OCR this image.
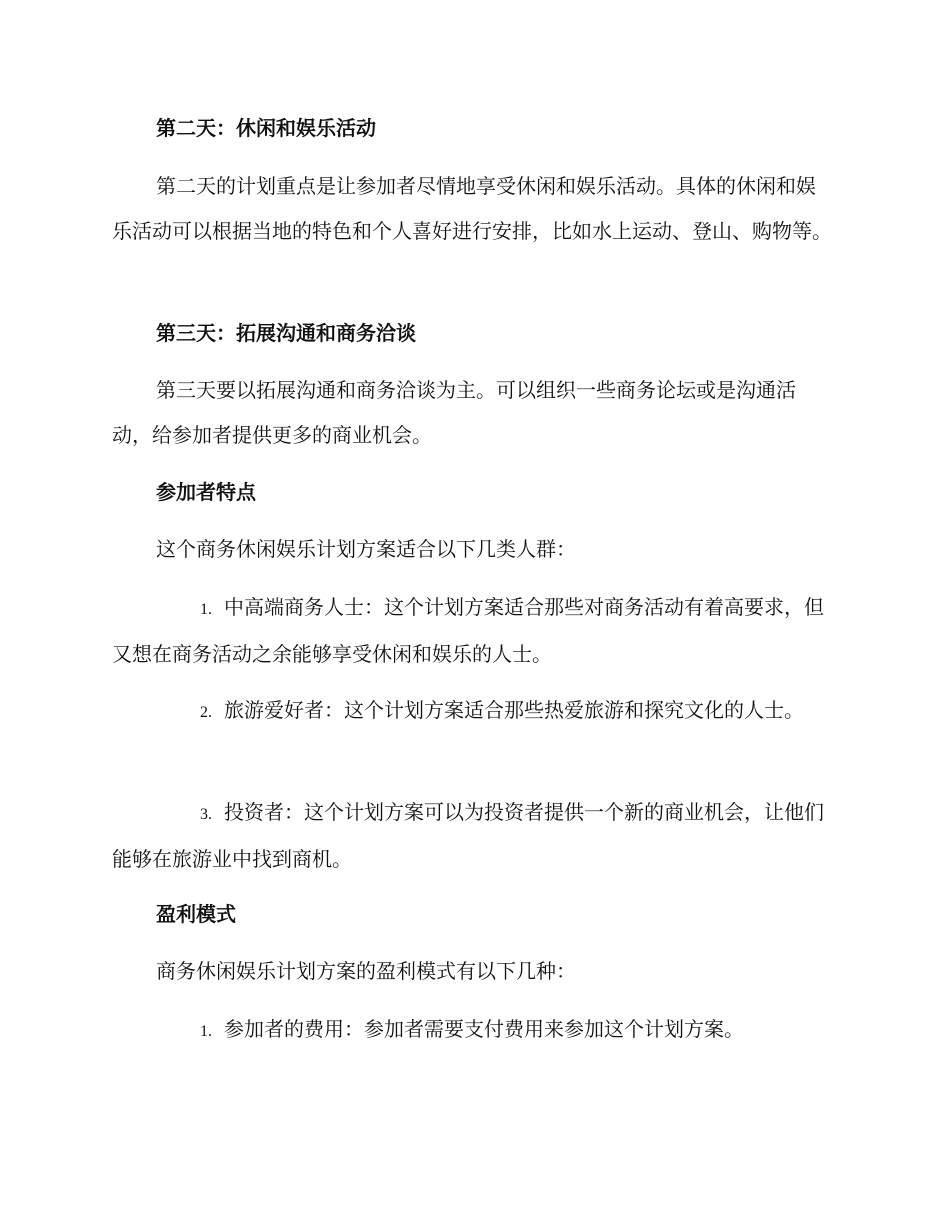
第二天：休闲和娱乐活动

第二天的计划重点是让参加者尽情地享受休闲和娱乐活动。具体的休闲和娱乐活动可以根据当地的特色和个人喜好进行安排，比如水上运动、登山、购物等。

第三天：拓展沟通和商务洽谈

第三天要以拓展沟通和商务洽谈为主。可以组织一些商务论坛或是沟通活动，给参加者提供更多的商业机会。

参加者特点

这个商务休闲娱乐计划方案适合以下几类人群：

1. 中高端商务人士：这个计划方案适合那些对商务活动有着高要求，但又想在商务活动之余能够享受休闲和娱乐的人士。

2. 旅游爱好者：这个计划方案适合那些热爱旅游和探究文化的人士。

3. 投资者：这个计划方案可以为投资者提供一个新的商业机会，让他们能够在旅游业中找到商机。

盈利模式

商务休闲娱乐计划方案的盈利模式有以下几种：

1. 参加者的费用：参加者需要支付费用来参加这个计划方案。
